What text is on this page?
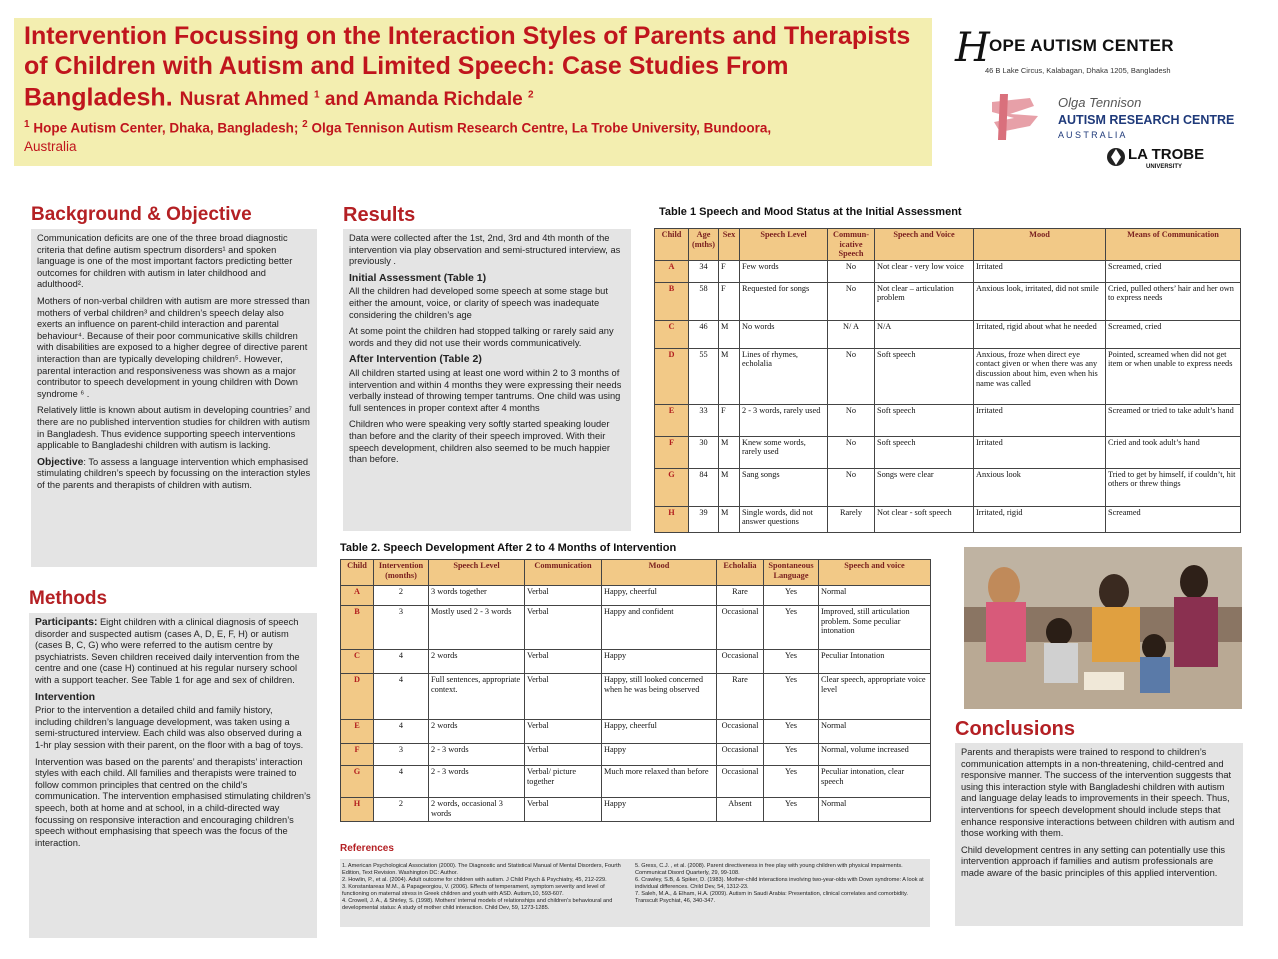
Intervention Focussing on the Interaction Styles of Parents and Therapists of Children with Autism and Limited Speech: Case Studies From Bangladesh. Nusrat Ahmed $^1$ and Amanda Richdale $^2$
$^1$ Hope Autism Center, Dhaka, Bangladesh; $^2$ Olga Tennison Autism Research Centre, La Trobe University, Bundoora,
Australia
H OPE AUTISM CENTER
46 B Lake Circus, Kalabagan, Dhaka 1205, Bangladesh
Olga Tennison
AUTISM RESEARCH CENTRE
A U S T R A L I A
LA TROBE
UNIVERSITY
Background & Objective

Communication deficits are one of the three broad diagnostic criteria that define autism spectrum disorders¹ and spoken language is one of the most important factors predicting better outcomes for children with autism in later childhood and adulthood².

Mothers of non-verbal children with autism are more stressed than mothers of verbal children³ and children’s speech delay also exerts an influence on parent-child interaction and parental behaviour⁴. Because of their poor communicative skills children with disabilities are exposed to a higher degree of directive parent interaction than are typically developing children⁵. However, parental interaction and responsiveness was shown as a major contributor to speech development in young children with Down syndrome ⁶ .

Relatively little is known about autism in developing countries⁷ and there are no published intervention studies for children with autism in Bangladesh. Thus evidence supporting speech interventions applicable to Bangladeshi children with autism is lacking.

Objective: To assess a language intervention which emphasised stimulating children’s speech by focussing on the interaction styles of the parents and therapists of children with autism.

Methods

Participants: Eight children with a clinical diagnosis of speech disorder and suspected autism (cases A, D, E, F, H) or autism (cases B, C, G) who were referred to the autism centre by psychiatrists. Seven children received daily intervention from the centre and one (case H) continued at his regular nursery school with a support teacher. See Table 1 for age and sex of children.

Intervention

Prior to the intervention a detailed child and family history, including children’s language development, was taken using a semi-structured interview. Each child was also observed during a 1-hr play session with their parent, on the floor with a bag of toys.

Intervention was based on the parents’ and therapists’ interaction styles with each child. All families and therapists were trained to follow common principles that centred on the child’s communication. The intervention emphasised stimulating children’s speech, both at home and at school, in a child-directed way focussing on responsive interaction and encouraging children’s speech without emphasising that speech was the focus of the interaction.

Results

Data were collected after the 1st, 2nd, 3rd and 4th month of the intervention via play observation and semi-structured interview, as previously .

Initial Assessment (Table 1)

All the children had developed some speech at some stage but either the amount, voice, or clarity of speech was inadequate considering the children’s age

At some point the children had stopped talking or rarely said any words and they did not use their words communicatively.

After Intervention (Table 2)

All children started using at least one word within 2 to 3 months of intervention and within 4 months they were expressing their needs verbally instead of throwing temper tantrums. One child was using full sentences in proper context after 4 months

Children who were speaking very softly started speaking louder than before and the clarity of their speech improved. With their speech development, children also seemed to be much happier than before.

Table 1 Speech and Mood Status at the Initial Assessment
Child	Age (mths)	Sex	Speech Level	Commun-icative Speech	Speech and Voice	Mood	Means of Communication
A	34	F	Few words	No	Not clear - very low voice	Irritated	Screamed, cried
B	58	F	Requested for songs	No	Not clear – articulation problem	Anxious look, irritated, did not smile	Cried, pulled others’ hair and her own to express needs
C	46	M	No words	N/ A	N/A	Irritated, rigid about what he needed	Screamed, cried
D	55	M	Lines of rhymes, echolalia	No	Soft speech	Anxious, froze when direct eye contact given or when there was any discussion about him, even when his name was called	Pointed, screamed when did not get item or when unable to express needs
E	33	F	2 - 3 words, rarely used	No	Soft speech	Irritated	Screamed or tried to take adult’s hand
F	30	M	Knew some words, rarely used	No	Soft speech	Irritated	Cried and took adult’s hand
G	84	M	Sang songs	No	Songs were clear	Anxious look	Tried to get by himself, if couldn’t, hit others or threw things
H	39	M	Single words, did not answer questions	Rarely	Not clear - soft speech	Irritated, rigid	Screamed
Table 2. Speech Development After 2 to 4 Months of Intervention
Child	Intervention (months)	Speech Level	Communication	Mood	Echolalia	Spontaneous Language	Speech and voice
A	2	3 words together	Verbal	Happy, cheerful	Rare	Yes	Normal
B	3	Mostly used 2 - 3 words	Verbal	Happy and confident	Occasional	Yes	Improved, still articulation problem. Some peculiar intonation
C	4	2 words	Verbal	Happy	Occasional	Yes	Peculiar Intonation
D	4	Full sentences, appropriate context.	Verbal	Happy, still looked concerned when he was being observed	Rare	Yes	Clear speech, appropriate voice level
E	4	2 words	Verbal	Happy, cheerful	Occasional	Yes	Normal
F	3	2 - 3 words	Verbal	Happy	Occasional	Yes	Normal, volume increased
G	4	2 - 3 words	Verbal/ picture together	Much more relaxed than before	Occasional	Yes	Peculiar intonation, clear speech
H	2	2 words, occasional 3 words	Verbal	Happy	Absent	Yes	Normal
References
1. American Psychological Association (2000). The Diagnostic and Statistical Manual of Mental Disorders, Fourth Edition, Text Revision. Washington DC: Author.
2. Howlin, P., et al. (2004). Adult outcome for children with autism. J Child Psych & Psychiatry, 45, 212-229.
3. Konstantareas M.M., & Papageorgiou, V. (2006). Effects of temperament, symptom severity and level of functioning on maternal stress in Greek children and youth with ASD. Autism,10, 593-607.
4. Crowell, J. A., & Shirley, S. (1998). Mothers' internal models of relationships and children's behavioural and developmental status: A study of mother child interaction. Child Dev, 59, 1273-1285.
5. Gress, C.J. , et al. (2008). Parent directiveness in free play with young children with physical impairments. Communicat Disord Quarterly, 29, 99-108.
6. Crawley, S.B, & Spiker, D. (1983). Mother-child interactions involving two-year-olds with Down syndrome: A look at individual differences. Child Dev, 54, 1312-23.
7. Saleh, M.A., & Elham, H.A. (2009). Autism in Saudi Arabia: Presentation, clinical correlates and comorbidity. Transcult Psychiat, 46, 340-347.
Conclusions

Parents and therapists were trained to respond to children’s communication attempts in a non-threatening, child-centred and responsive manner. The success of the intervention suggests that using this interaction style with Bangladeshi children with autism and language delay leads to improvements in their speech. Thus, interventions for speech development should include steps that enhance responsive interactions between children with autism and those working with them.

Child development centres in any setting can potentially use this intervention approach if families and autism professionals are made aware of the basic principles of this applied intervention.
